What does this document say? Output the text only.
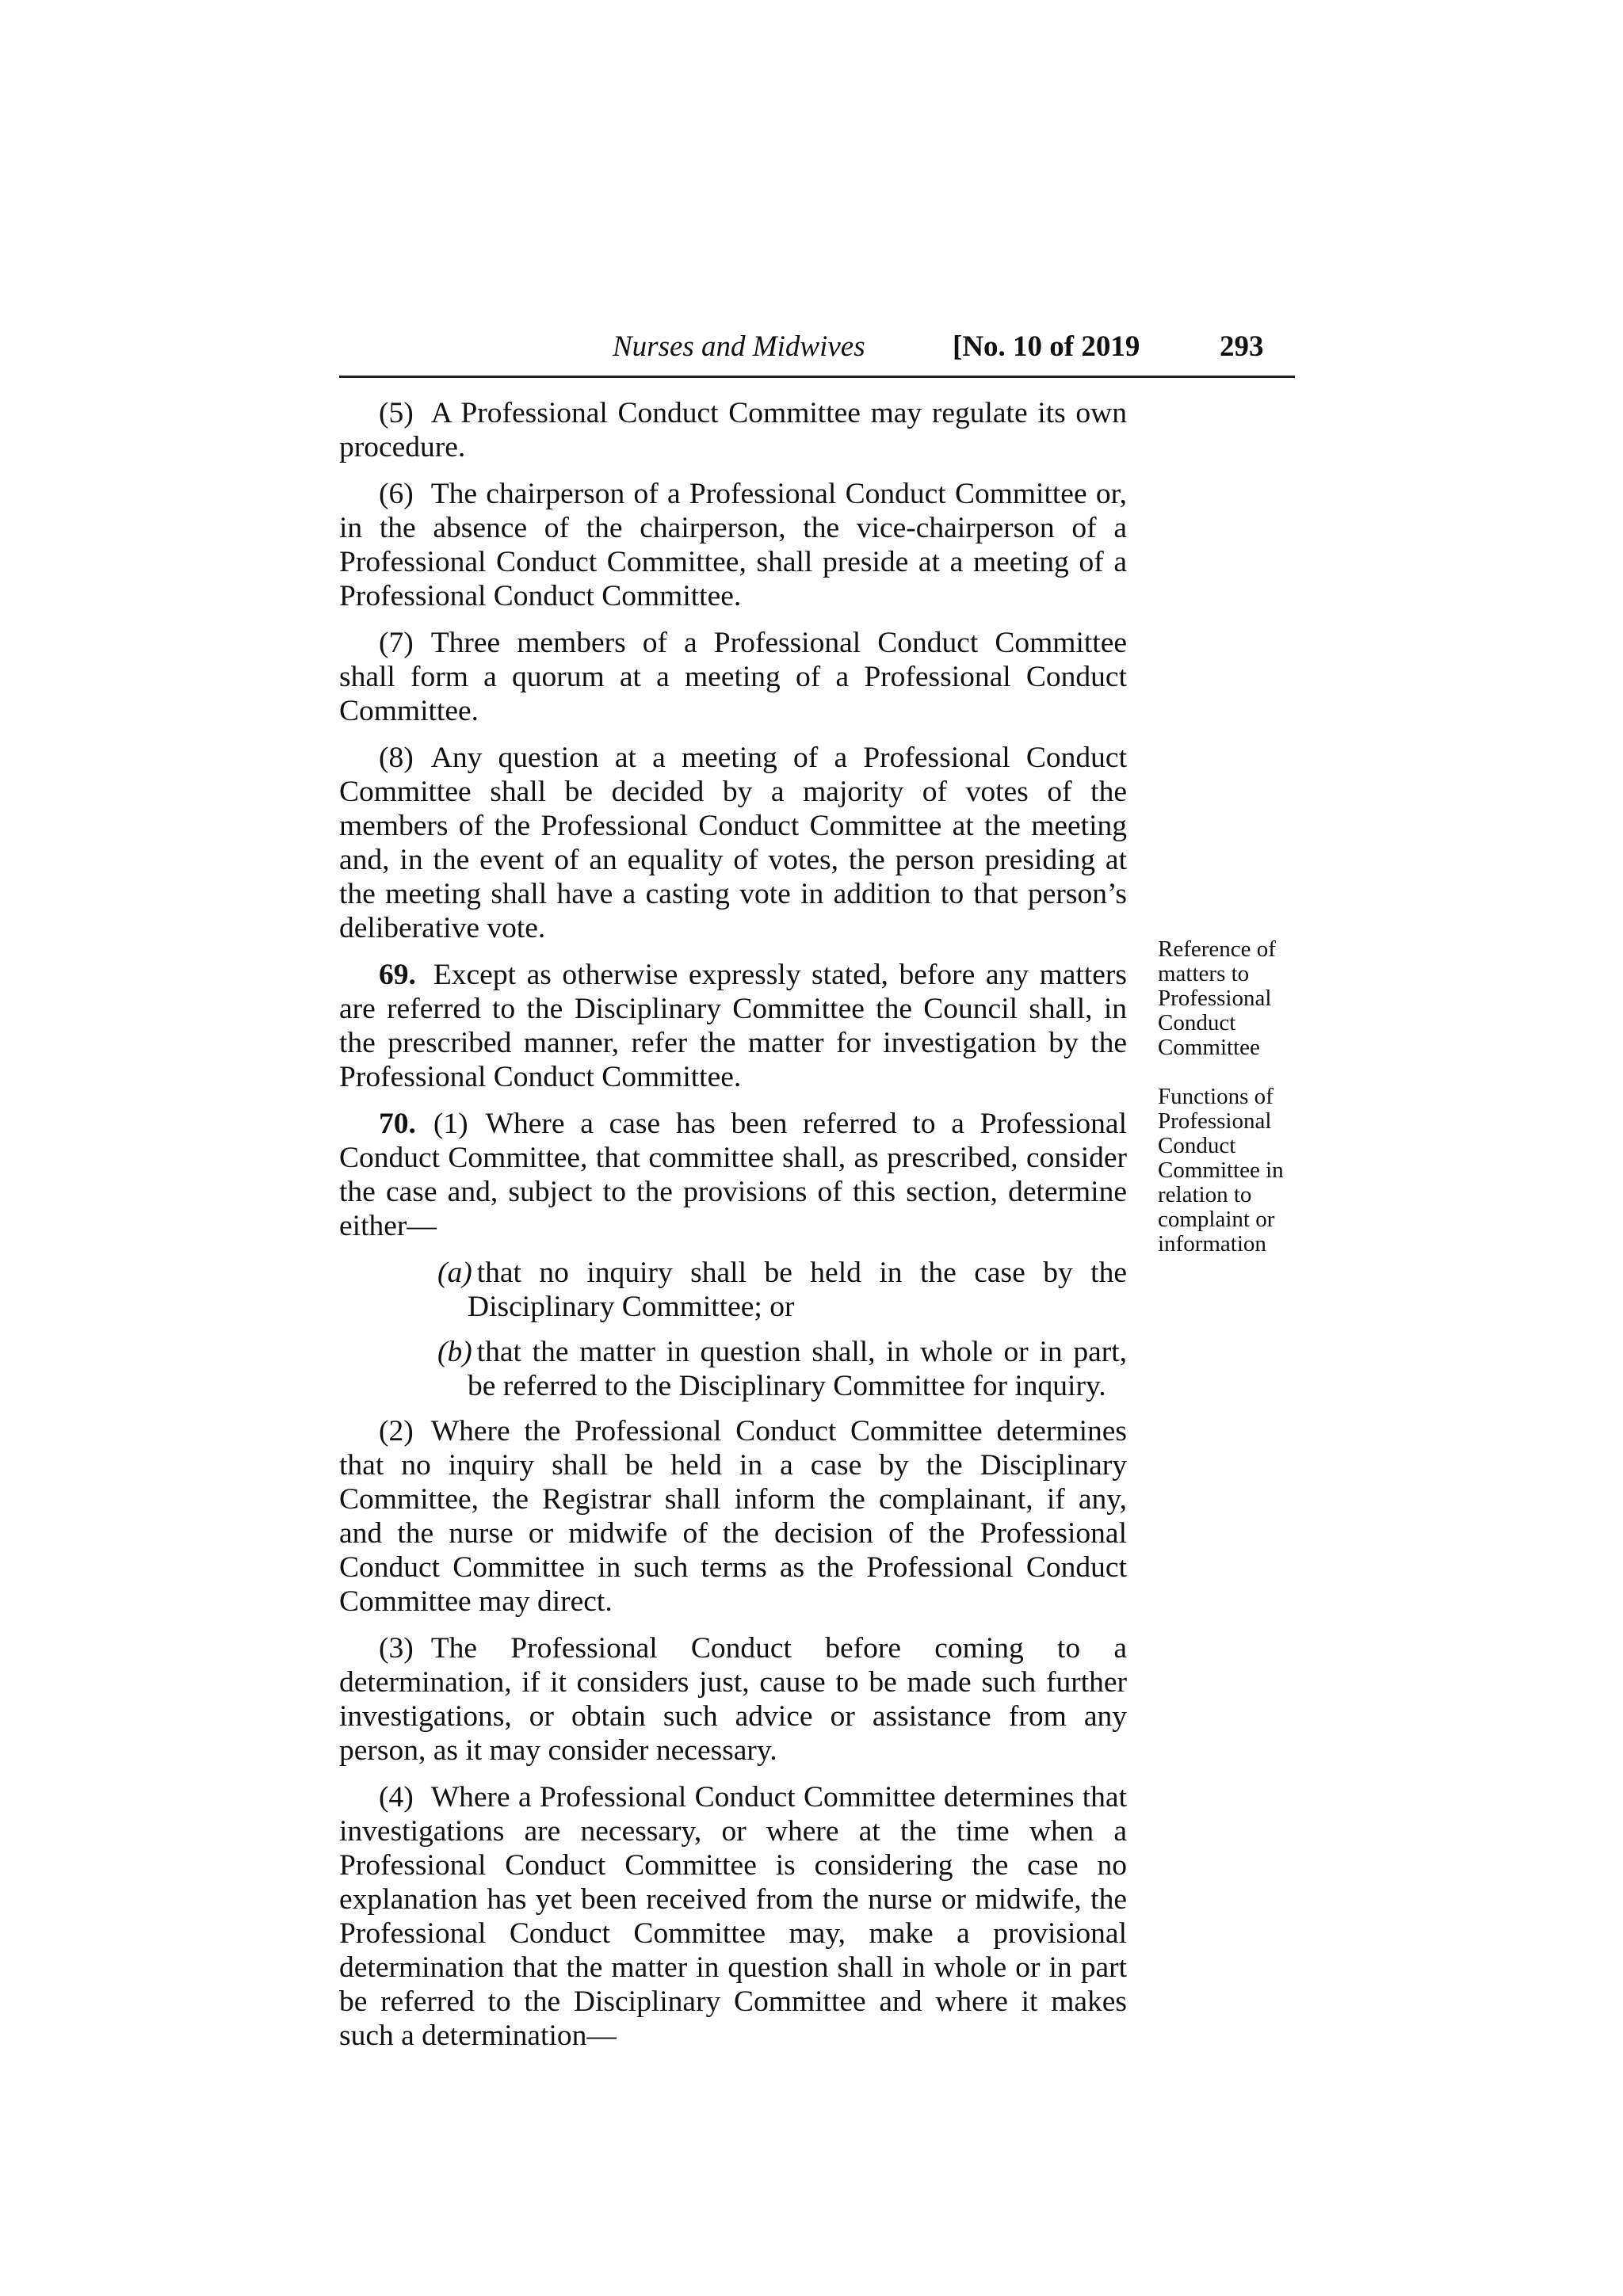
Nurses and Midwives	[No. 10 of 2019	293

(5) A Professional Conduct Committee may regulate its own procedure.

(6) The chairperson of a Professional Conduct Committee or, in the absence of the chairperson, the vice-chairperson of a Professional Conduct Committee, shall preside at a meeting of a Professional Conduct Committee.

(7) Three members of a Professional Conduct Committee shall form a quorum at a meeting of a Professional Conduct Committee.

(8) Any question at a meeting of a Professional Conduct Committee shall be decided by a majority of votes of the members of the Professional Conduct Committee at the meeting and, in the event of an equality of votes, the person presiding at the meeting shall have a casting vote in addition to that person’s deliberative vote.

69. Except as otherwise expressly stated, before any matters are referred to the Disciplinary Committee the Council shall, in the prescribed manner, refer the matter for investigation by the Professional Conduct Committee.

70. (1) Where a case has been referred to a Professional Conduct Committee, that committee shall, as prescribed, consider the case and, subject to the provisions of this section, determine either—

(a) that no inquiry shall be held in the case by the Disciplinary Committee; or

(b) that the matter in question shall, in whole or in part, be referred to the Disciplinary Committee for inquiry.

(2) Where the Professional Conduct Committee determines that no inquiry shall be held in a case by the Disciplinary Committee, the Registrar shall inform the complainant, if any, and the nurse or midwife of the decision of the Professional Conduct Committee in such terms as the Professional Conduct Committee may direct.

(3) The Professional Conduct before coming to a determination, if it considers just, cause to be made such further investigations, or obtain such advice or assistance from any person, as it may consider necessary.

(4) Where a Professional Conduct Committee determines that investigations are necessary, or where at the time when a Professional Conduct Committee is considering the case no explanation has yet been received from the nurse or midwife, the Professional Conduct Committee may, make a provisional determination that the matter in question shall in whole or in part be referred to the Disciplinary Committee and where it makes such a determination—

Reference of matters to Professional Conduct Committee
Functions of Professional Conduct Committee in relation to complaint or information
